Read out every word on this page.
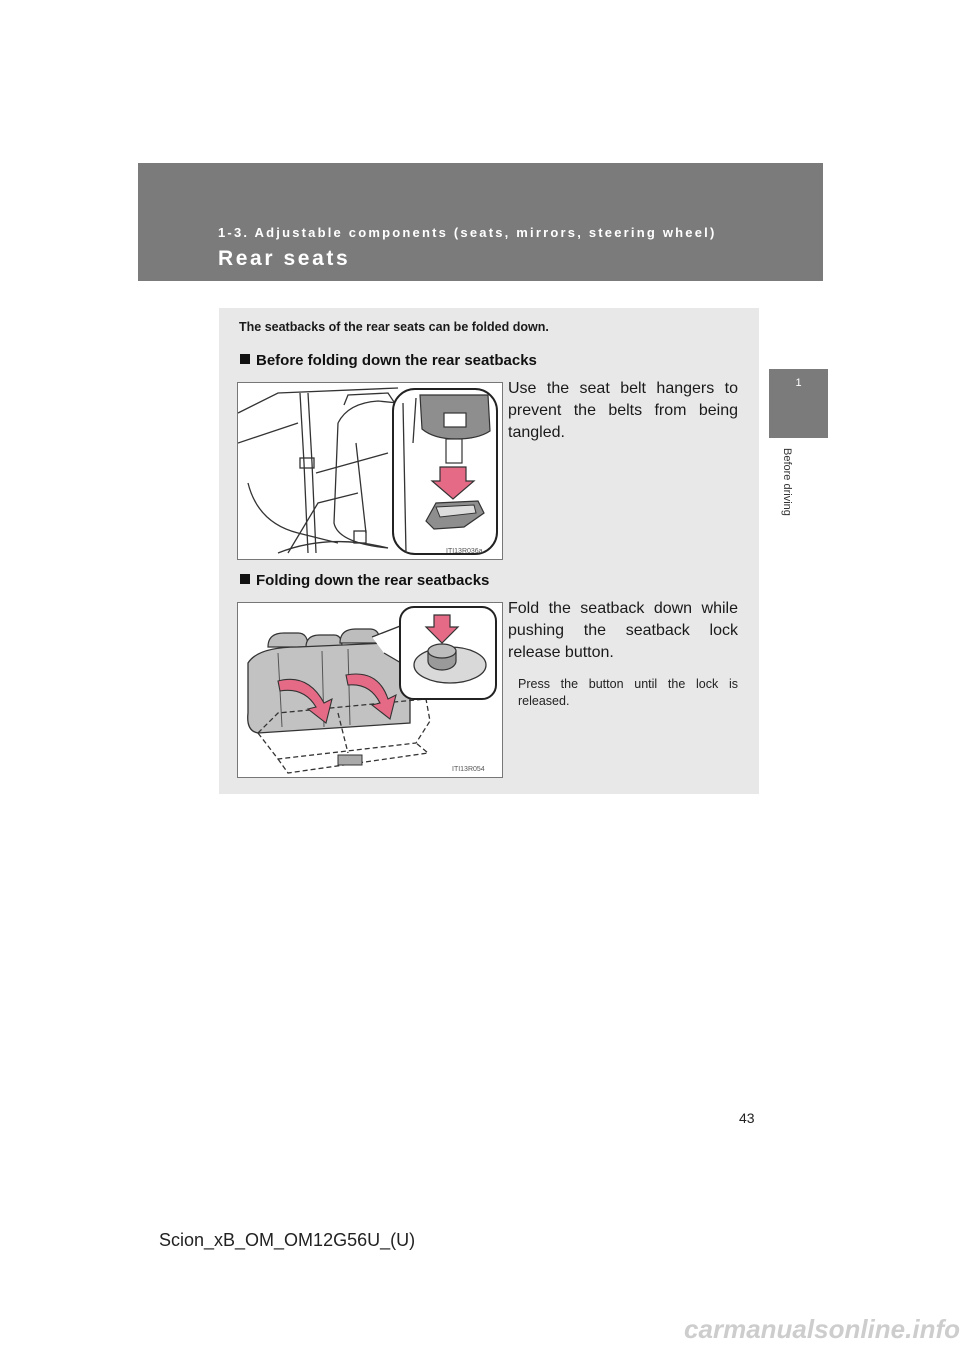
1-3. Adjustable components (seats, mirrors, steering wheel)
Rear seats
1
Before driving
The seatbacks of the rear seats can be folded down.
Before folding down the rear seatbacks
Use the seat belt hangers to prevent the belts from being tangled.
ITI13R036a
Folding down the rear seatbacks
Fold the seatback down while pushing the seatback lock release button.
Press the button until the lock is released.
ITI13R054
43
Scion_xB_OM_OM12G56U_(U)
carmanualsonline.info
